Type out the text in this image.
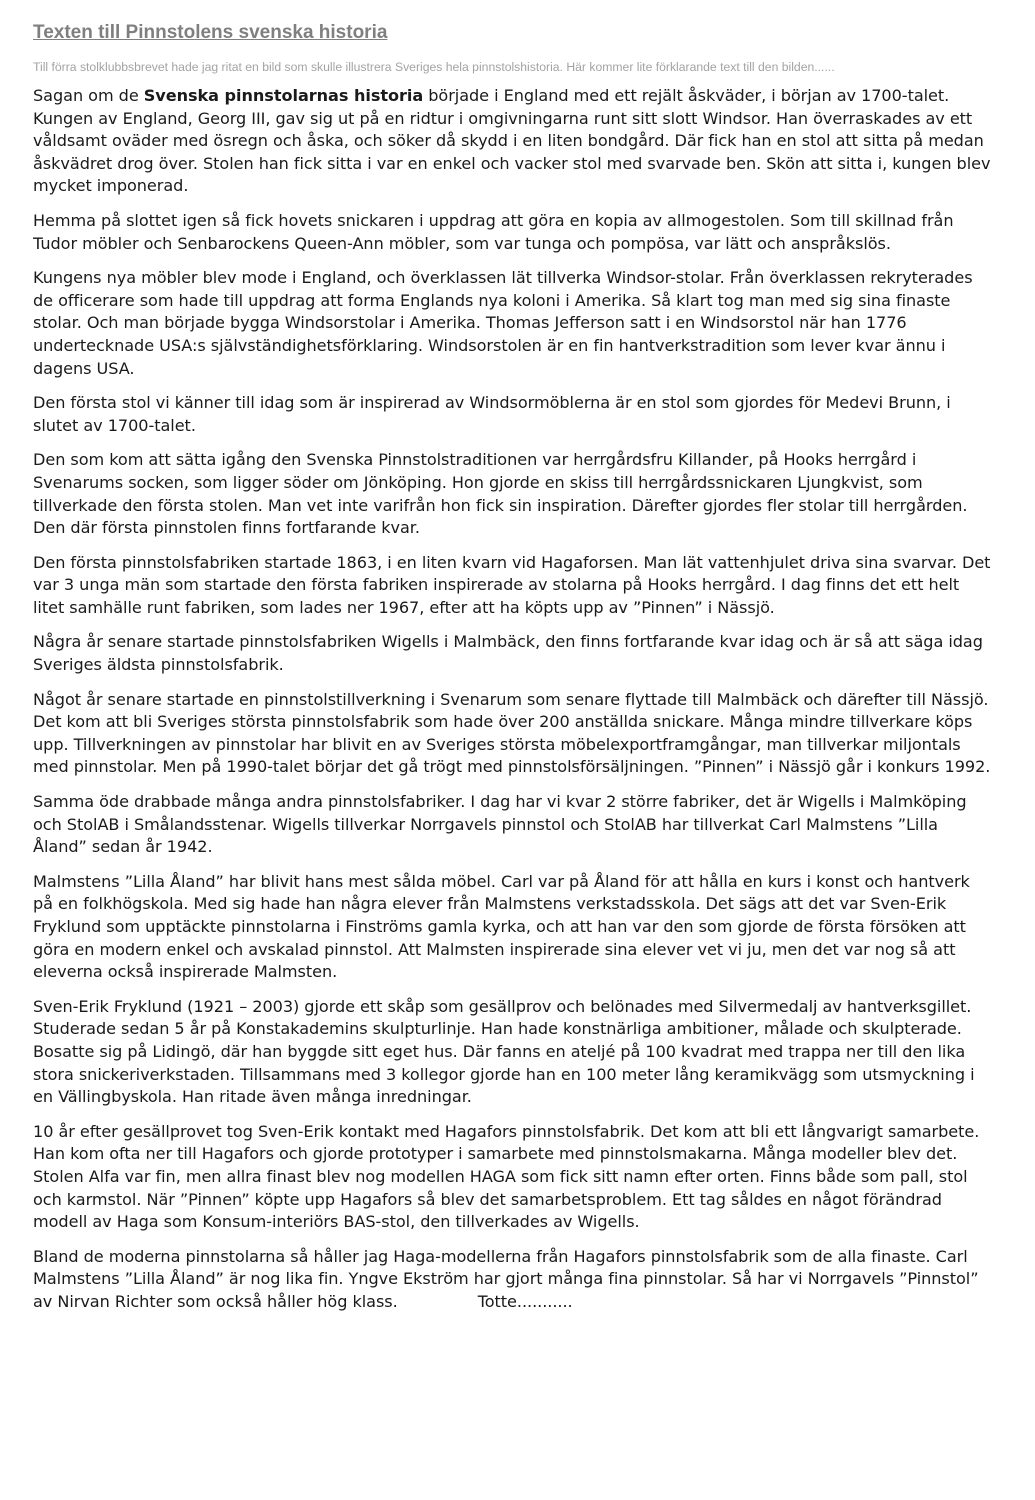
Texten till Pinnstolens svenska historia

Till förra stolklubbsbrevet hade jag ritat en bild som skulle illustrera Sveriges hela pinnstolshistoria. Här kommer lite förklarande text till den bilden......

Sagan om de Svenska pinnstolarnas historia började i England med ett rejält åskväder, i början av 1700-talet. Kungen av England, Georg III, gav sig ut på en ridtur i omgivningarna runt sitt slott Windsor. Han överraskades av ett våldsamt oväder med ösregn och åska, och söker då skydd i en liten bondgård. Där fick han en stol att sitta på medan åskvädret drog över. Stolen han fick sitta i var en enkel och vacker stol med svarvade ben. Skön att sitta i, kungen blev mycket imponerad.

Hemma på slottet igen så fick hovets snickaren i uppdrag att göra en kopia av allmogestolen. Som till skillnad från Tudor möbler och Senbarockens Queen-Ann möbler, som var tunga och pompösa, var lätt och anspråkslös.

Kungens nya möbler blev mode i England, och överklassen lät tillverka Windsor-stolar. Från överklassen rekryterades de officerare som hade till uppdrag att forma Englands nya koloni i Amerika. Så klart tog man med sig sina finaste stolar. Och man började bygga Windsorstolar i Amerika. Thomas Jefferson satt i en Windsorstol när han 1776 undertecknade USA:s självständighetsförklaring. Windsorstolen är en fin hantverkstradition som lever kvar ännu i dagens USA.

Den första stol vi känner till idag som är inspirerad av Windsormöblerna är en stol som gjordes för Medevi Brunn, i slutet av 1700-talet.

Den som kom att sätta igång den Svenska Pinnstolstraditionen var herrgårdsfru Killander, på Hooks herrgård i Svenarums socken, som ligger söder om Jönköping. Hon gjorde en skiss till herrgårdssnickaren Ljungkvist, som tillverkade den första stolen. Man vet inte varifrån hon fick sin inspiration. Därefter gjordes fler stolar till herrgården. Den där första pinnstolen finns fortfarande kvar.

Den första pinnstolsfabriken startade 1863, i en liten kvarn vid Hagaforsen. Man lät vattenhjulet driva sina svarvar. Det var 3 unga män som startade den första fabriken inspirerade av stolarna på Hooks herrgård. I dag finns det ett helt litet samhälle runt fabriken, som lades ner 1967, efter att ha köpts upp av ”Pinnen” i Nässjö.

Några år senare startade pinnstolsfabriken Wigells i Malmbäck, den finns fortfarande kvar idag och är så att säga idag Sveriges äldsta pinnstolsfabrik.

Något år senare startade en pinnstolstillverkning i Svenarum som senare flyttade till Malmbäck och därefter till Nässjö. Det kom att bli Sveriges största pinnstolsfabrik som hade över 200 anställda snickare. Många mindre tillverkare köps upp. Tillverkningen av pinnstolar har blivit en av Sveriges största möbelexportframgångar, man tillverkar miljontals med pinnstolar. Men på 1990-talet börjar det gå trögt med pinnstolsförsäljningen. ”Pinnen” i Nässjö går i konkurs 1992.

Samma öde drabbade många andra pinnstolsfabriker. I dag har vi kvar 2 större fabriker, det är Wigells i Malmköping och StolAB i Smålandsstenar. Wigells tillverkar Norrgavels pinnstol och StolAB har tillverkat Carl Malmstens ”Lilla Åland” sedan år 1942.

Malmstens ”Lilla Åland” har blivit hans mest sålda möbel. Carl var på Åland för att hålla en kurs i konst och hantverk på en folkhögskola. Med sig hade han några elever från Malmstens verkstadsskola. Det sägs att det var Sven-Erik Fryklund som upptäckte pinnstolarna i Finströms gamla kyrka, och att han var den som gjorde de första försöken att göra en modern enkel och avskalad pinnstol. Att Malmsten inspirerade sina elever vet vi ju, men det var nog så att eleverna också inspirerade Malmsten.

Sven-Erik Fryklund (1921 – 2003) gjorde ett skåp som gesällprov och belönades med Silvermedalj av hantverksgillet. Studerade sedan 5 år på Konstakademins skulpturlinje. Han hade konstnärliga ambitioner, målade och skulpterade. Bosatte sig på Lidingö, där han byggde sitt eget hus. Där fanns en ateljé på 100 kvadrat med trappa ner till den lika stora snickeriverkstaden. Tillsammans med 3 kollegor gjorde han en 100 meter lång keramikvägg som utsmyckning i en Vällingbyskola. Han ritade även många inredningar.

10 år efter gesällprovet tog Sven-Erik kontakt med Hagafors pinnstolsfabrik. Det kom att bli ett långvarigt samarbete. Han kom ofta ner till Hagafors och gjorde prototyper i samarbete med pinnstolsmakarna. Många modeller blev det. Stolen Alfa var fin, men allra finast blev nog modellen HAGA som fick sitt namn efter orten. Finns både som pall, stol och karmstol. När ”Pinnen” köpte upp Hagafors så blev det samarbetsproblem. Ett tag såldes en något förändrad modell av Haga som Konsum-interiörs BAS-stol, den tillverkades av Wigells.

Bland de moderna pinnstolarna så håller jag Haga-modellerna från Hagafors pinnstolsfabrik som de alla finaste. Carl Malmstens ”Lilla Åland” är nog lika fin. Yngve Ekström har gjort många fina pinnstolar. Så har vi Norrgavels ”Pinnstol” av Nirvan Richter som också håller hög klass.	Totte...........
